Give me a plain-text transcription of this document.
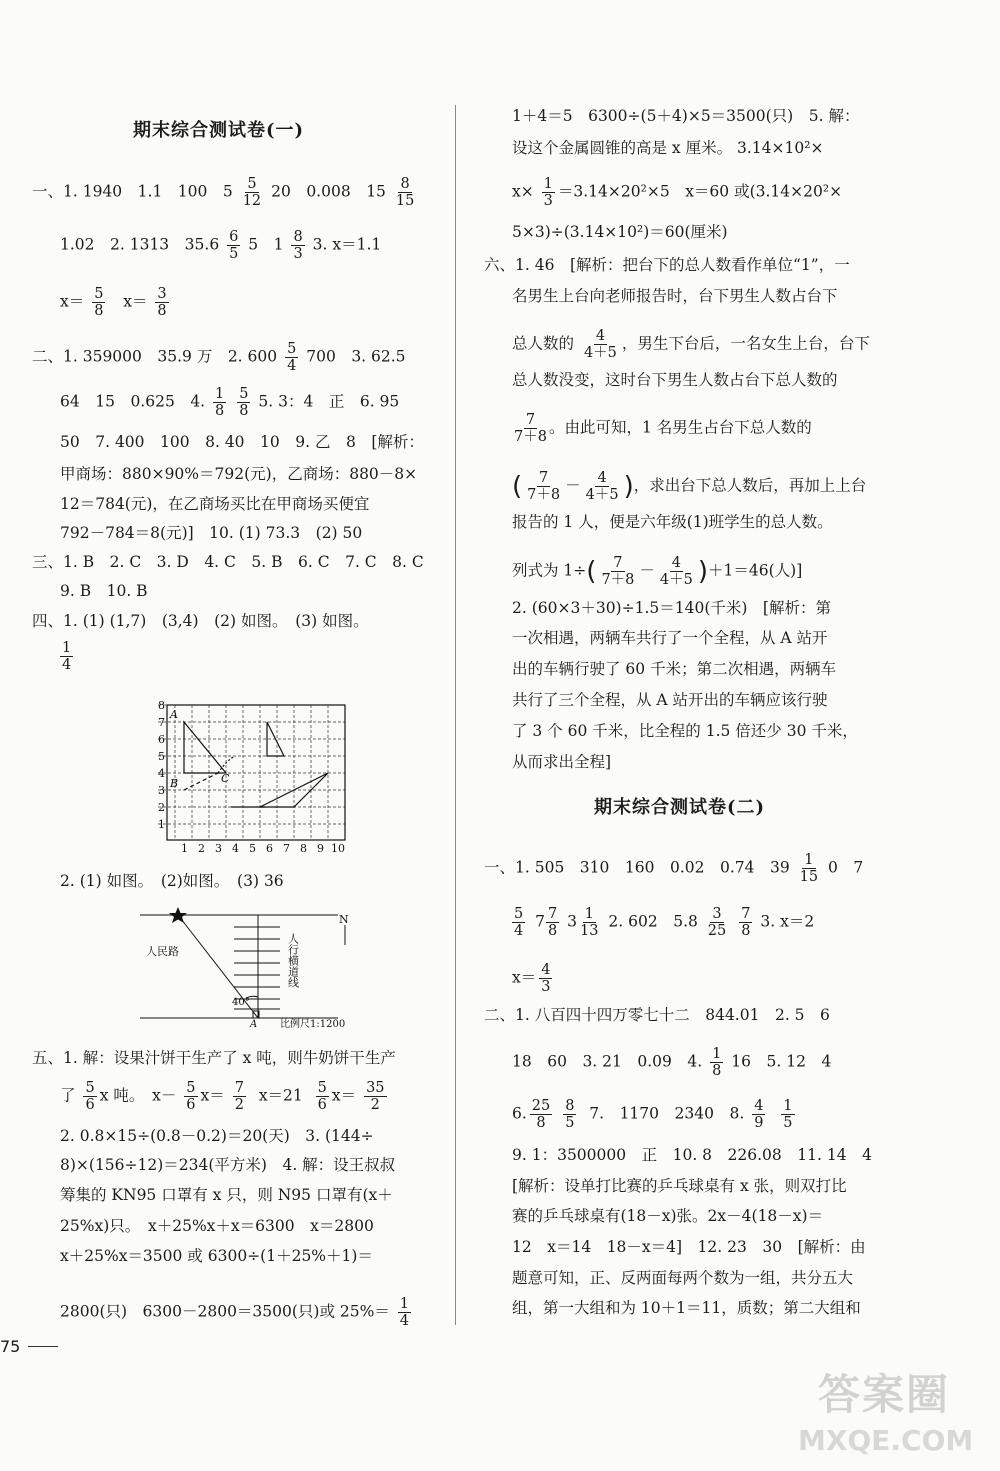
期末综合测试卷(一)
一、1. 1940　1.1　100　$5 \frac{5}{12} 20$　0.008　$15 \frac{8}{15}$
1.02　2. 1313　$35.6 \frac{6}{5} 5$　$1 \frac{8}{3} 3$. x＝1.1
$x= \frac{5}{8} x= \frac{3}{8}$
二、1. 359000　35.9 万　2. $600 \frac{5}{4} 700$　3. 62.5
64　15　0.625　4. $\frac{1}{8}$
$\frac{5}{8} 5$. 3：4　正　6. 95
50　7. 400　100　8. 40　10　9. 乙　8　[解析：
甲商场：880×90%＝792(元)，乙商场：880－8×
12＝784(元)，在乙商场买比在甲商场买便宜
792－784＝8(元)]　10. (1) 73.3　(2) 50
三、1. B　2. C　3. D　4. C　5. B　6. C　7. C　8. C
9. B　10. B
四、1. (1) (1,7)　(3,4)　(2) 如图。　(3) 如图。
$\frac{1}{4}$
8
7
6
5
4
3
2
1
1 2 3 4 5 6 7 8 9 10
A
B	C
2. (1) 如图。　(2)如图。　(3) 36
人民路
40°
N
人行横道线
A 比例尺1:1200
五、1. 解：设果汁饼干生产了 x 吨，则牛奶饼干生产
了 $\frac{5}{6}$ x 吨。　$x- \frac{5}{6} x= \frac{7}{2} x=21 \frac{5}{6} x= \frac{35}{2}$
2. 0.8×15÷(0.8－0.2)＝20(天)　3. (144÷
8)×(156÷12)＝234(平方米)　4. 解：设王叔叔
筹集的 KN95 口罩有 x 只，则 N95 口罩有(x＋
25%x)只。　x＋25%x＋x＝6300　x＝2800
x＋25%x＝3500 或 6300÷(1＋25%＋1)＝
2800(只)　6300－2800＝3500(只)或 $25\%= \frac{1}{4}$
75
1＋4＝5　6300÷(5＋4)×5＝3500(只)　5. 解：
设这个金属圆锥的高是 x 厘米。 3.14×10²×
$x\times \frac{1}{3} =3.14\times 20^2\times 5$　x＝60 或(3.14×20²×
5×3)÷(3.14×10²)＝60(厘米)
六、1. 46　[解析：把台下的总人数看作单位“1”，一
名男生上台向老师报告时，台下男生人数占台下
总人数的 $\frac{4}{4+5}$ ，男生下台后，一名女生上台，台下
总人数没变，这时台下男生人数占台下总人数的
$\frac{7}{7+8}$ 。由此可知，1 名男生占台下总人数的
( $\frac{7}{7+8} - \frac{4}{4+5}$ )，求出台下总人数后，再加上上台
报告的 1 人，便是六年级(1)班学生的总人数。
列式为 $1\div( \frac{7}{7+8} - \frac{4}{4+5} )+1=46$(人)]
2. (60×3＋30)÷1.5＝140(千米)　[解析：第
一次相遇，两辆车共行了一个全程，从 A 站开
出的车辆行驶了 60 千米；第二次相遇，两辆车
共行了三个全程，从 A 站开出的车辆应该行驶
了 3 个 60 千米，比全程的 1.5 倍还少 30 千米，
从而求出全程]
期末综合测试卷(二)
一、1. 505　310　160　0.02　0.74　$39 \frac{1}{15} 0$　7
$\frac{5}{4} 7 \frac{7}{8} 3 \frac{1}{13} 2$. 602　$5.8 \frac{3}{25}$
$\frac{7}{8} 3$. x＝2
$x= \frac{4}{3}$
二、1. 八百四十四万零七十二　844.01　2. 5　6
18　60　3. 21　0.09　4. $\frac{1}{8} 16$　5. 12　4
6. $\frac{25}{8}$
$\frac{8}{5} 7$.　1170　2340　8. $\frac{4}{9}$
$\frac{1}{5}$
9. 1：3500000　正　10. 8　226.08　11. 14　4
[解析：设单打比赛的乒乓球桌有 x 张，则双打比
赛的乒乓球桌有(18－x)张。2x－4(18－x)＝
12　x＝14　18－x＝4]　12. 23　30　[解析：由
题意可知，正、反两面每两个数为一组，共分五大
组，第一大组和为 10＋1＝11，质数；第二大组和
答案圈
MXQE.COM
